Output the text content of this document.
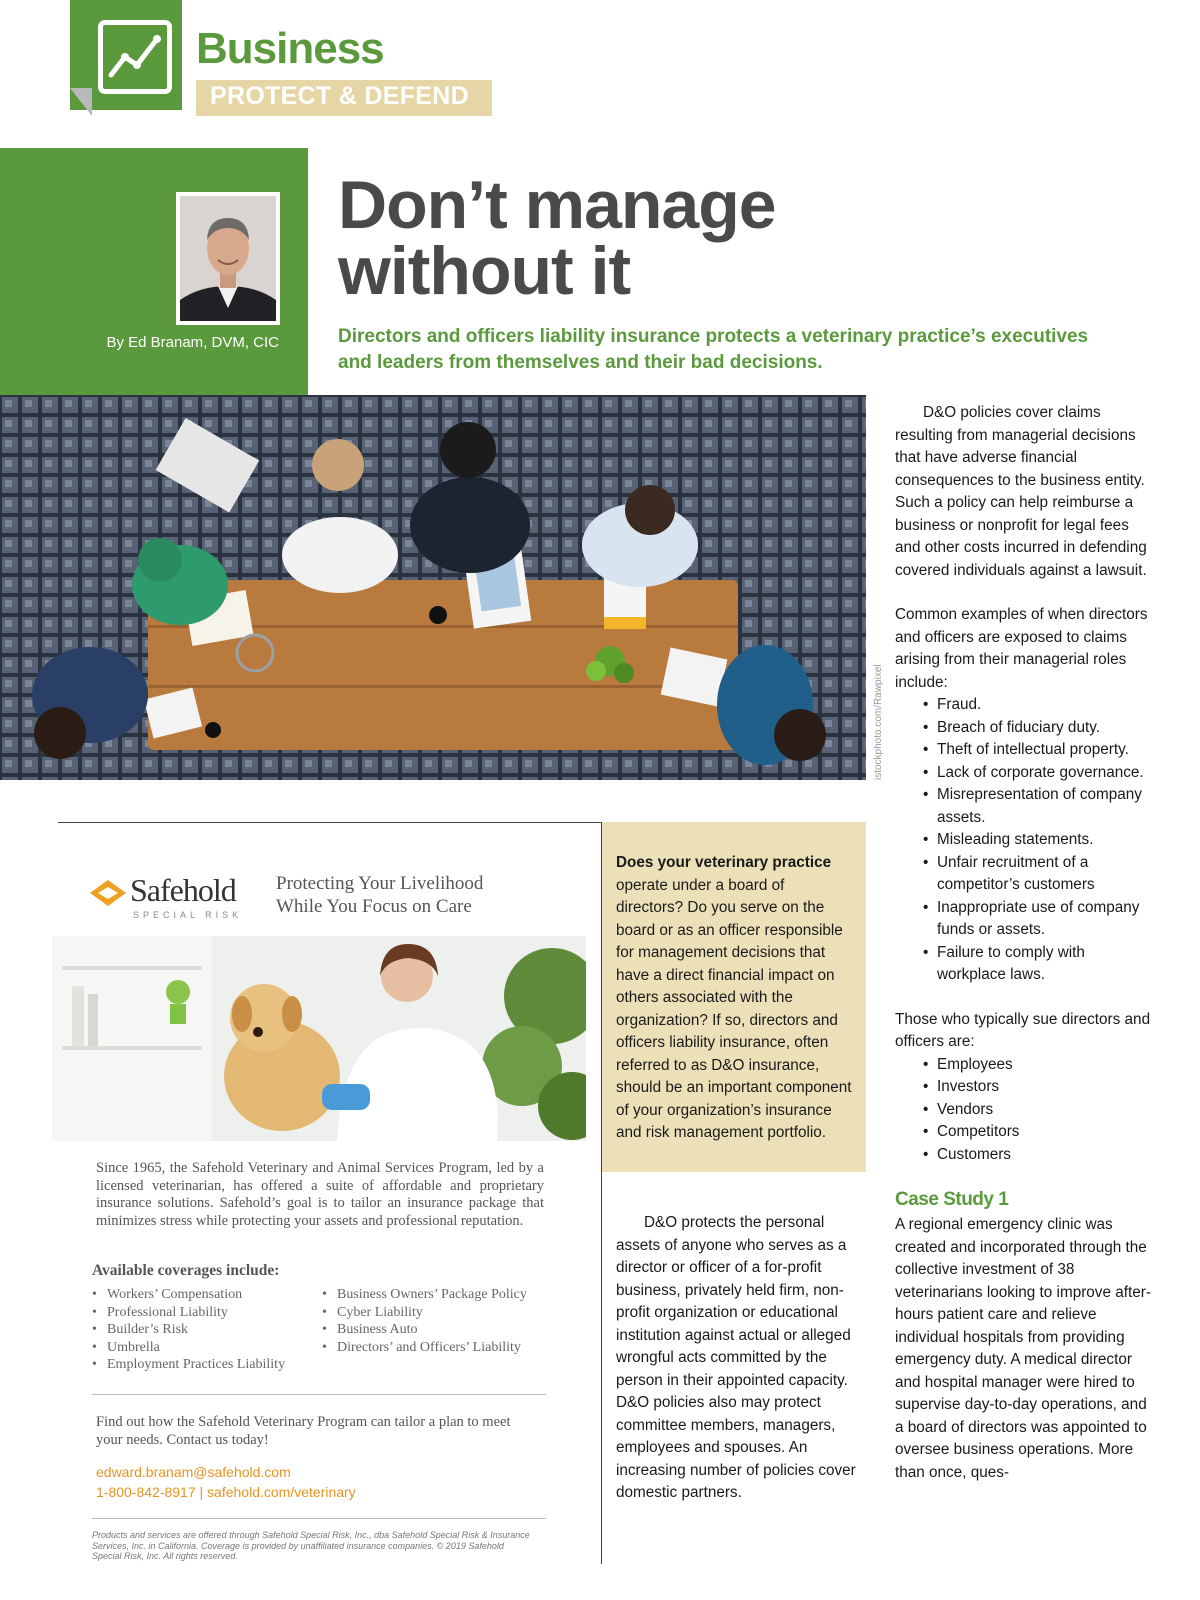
Business
PROTECT & DEFEND
By Ed Branam, DVM, CIC
Don’t manage
without it
Directors and officers liability insurance protects a veterinary practice’s executives and leaders from themselves and their bad decisions.
istockphoto.com/Rawpixel

D&O policies cover claims resulting from managerial decisions that have adverse financial consequences to the business entity. Such a policy can help reimburse a business or nonprofit for legal fees and other costs incurred in defending covered individuals against a lawsuit.

Common examples of when directors and officers are exposed to claims arising from their managerial roles include:

• Fraud.
• Breach of fiduciary duty.
• Theft of intellectual property.
• Lack of corporate governance.
• Misrepresentation of company assets.
• Misleading statements.
• Unfair recruitment of a competitor’s customers
• Inappropriate use of company funds or assets.
• Failure to comply with workplace laws.

Those who typically sue directors and officers are:

• Employees
• Investors
• Vendors
• Competitors
• Customers
Case Study 1

A regional emergency clinic was created and incorporated through the collective investment of 38 veterinarians looking to improve after-hours patient care and relieve individual hospitals from providing emergency duty. A medical director and hospital manager were hired to supervise day-to-day operations, and a board of directors was appointed to oversee business operations. More than once, ques-

Does your veterinary practice operate under a board of directors? Do you serve on the board or as an officer responsible for management decisions that have a direct financial impact on others associated with the organization? If so, directors and officers liability insurance, often referred to as D&O insurance, should be an important component of your organization’s insurance and risk management portfolio.
D&O protects the personal assets of anyone who serves as a director or officer of a for-profit business, privately held firm, non-profit organization or educational institution against actual or alleged wrongful acts committed by the person in their appointed capacity. D&O policies also may protect committee members, managers, employees and spouses. An increasing number of policies cover domestic partners.
Safehold
SPECIAL RISK
Protecting Your Livelihood
While You Focus on Care
Since 1965, the Safehold Veterinary and Animal Services Program, led by a licensed veterinarian, has offered a suite of affordable and proprietary insurance solutions. Safehold’s goal is to tailor an insurance package that minimizes stress while protecting your assets and professional reputation.
Available coverages include:
• Workers’ Compensation
• Professional Liability
• Builder’s Risk
• Umbrella
• Employment Practices Liability
• Business Owners’ Package Policy
• Cyber Liability
• Business Auto
• Directors’ and Officers’ Liability
Find out how the Safehold Veterinary Program can tailor a plan to meet your needs. Contact us today!
edward.branam@safehold.com
1-800-842-8917 | safehold.com/veterinary
Products and services are offered through Safehold Special Risk, Inc., dba Safehold Special Risk & Insurance Services, Inc. in California. Coverage is provided by unaffiliated insurance companies. © 2019 Safehold Special Risk, Inc. All rights reserved.
